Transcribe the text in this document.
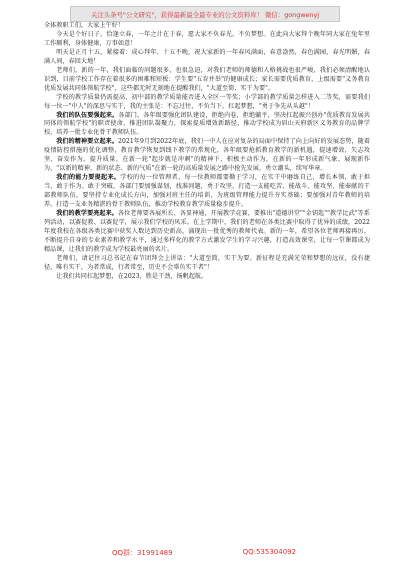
关注头条号"公文研究"，获得最新最全最专业的公文资料库！ 微信：gongwenyj

全体教职工们，大家上午好！

今天是个好日子，恰逢立春，一年之计在于春，愿大家不负春光，不负梦想。在此向大家拜个晚年同大家在兔年里工作顺利，身体健康，万事如意！

明天是正月十五，紧接着：成心拜年、十五不晚，祝大家新的一年春风满面，春意盎然，春色满园，春光明媚，春满人间，春回大地！

老师们，新的一年，我们面临的问题很多，也很急迫，对我们老师的师德和人格挑战也很严峻，我们必须清醒地认识到，目前学校工作存在着很多的困难和短板：学生要"五育并举"的健康成长；家长需要优质教育，上级需要"义务教育优质发展共同体领航学校"，这些都无时无刻地在提醒我们，"大道至简，实干为要"。

学校的教学质量仍需提高，初中部的教学质量能否进入全区一等奖；小学部的教学质量怎样进入二等奖，需要我们每一位一"中人"的深思与实干，我的主张是：不忘过往，不负当下，扛起梦想，"勇于争先从头越"！

我们的队伍要强起来。各部门，各年级要强化团队建设，拒绝内卷，拒绝躺平，坚决扛起振兴创办"优质教育发展共同体的领航学校"的职责使命，推进团队凝聚力，探索提质增效新路径，推动学校成为眉山天府新区义务教育的品牌学校，培养一批专业化骨干教师队伍。

我们的精神要立起来。2021年9月到2022年底，我们一中人在应对复杂的局面中保持了向上向好的发展态势，随着疫情防控措施的优化调整，教育教学恢复到线下教学的常规化，各年级要抢抓教育教学的新机遇，提速增效，矢志攻坚、奋发作为，提升质量，在新一轮"起步就是冲刺"的精神下，积极主动作为，在新的一年形成新气象、展现新作为，"以新的精神、新的状态、新的气质"在新一轮的高质量发展之路中抢先发展，勇立潮头，续写华章。

我们的能力要提起来。学校的每一位管理者、每一位教师都要勤于学习，在实干中磨练自己，增长本领，敢于担当、敢于作为、敢于突破，各部门要加强谋划，找准问题，勇于攻坚，打造一支能吃苦、能战斗、能攻坚、能奉献的干部教师队伍，要坚持专业化成长方向，加强对班主任的培训，为班级管理能力提升夯实基础；要加强对青年教师的培养，打造一支业务精湛的骨干教师队伍，推动学校教育教学质量稳步提升。

我们的教学要亮起来。各位老师要各展所长、各显神通，开展教学竞赛，要推出"道德讲堂""金钥匙""教学比武"等系列活动，以赛促教、以赛促学，展示我们学校的风采。在上学期中，我们的老师在各类比赛中取得了优异的成绩，2022年度我校在各级各类比赛中获奖人数达到历史新高，涌现出一批优秀的教师代表。新的一年，希望各位老师再接再厉，不断提升自身的专业素养和教学水平，通过多样化的教学方式激发学生的学习兴趣，打造高效课堂，让每一堂课都成为精品课，让我们的教学成为学校最亮丽的名片。

老师们，请记住习总书记在春节团拜会上讲话："大道至简，实干为要。新征程是充满光荣和梦想的远征，没有捷径，唯有实干，为者常成，行者常至，历史不会辜负实干者"！

让我们共同扛起梦想，在2023，胜是干劲，扬帆起航。

QQ群：31991489	QQ:535304092
